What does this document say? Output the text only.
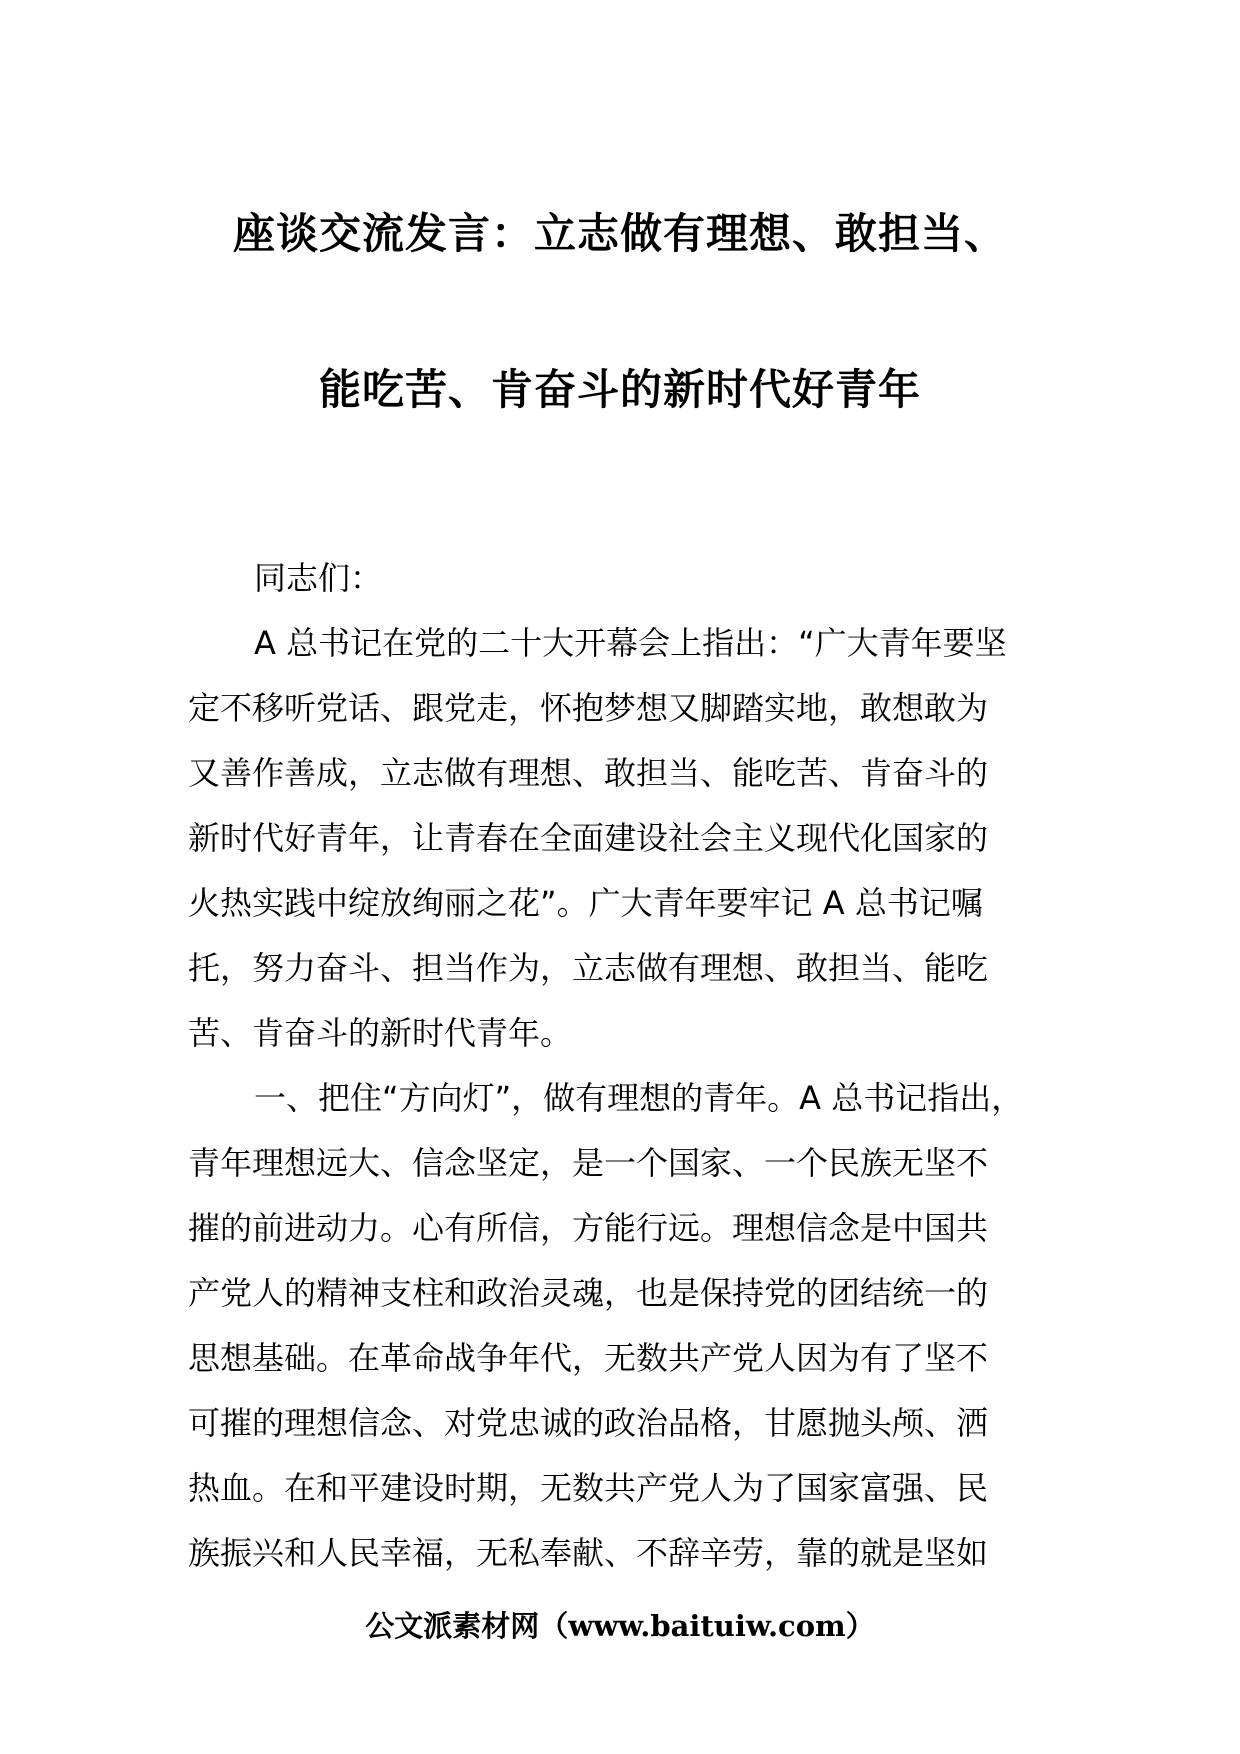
座谈交流发言：立志做有理想、敢担当、
能吃苦、肯奋斗的新时代好青年
同志们：
A 总书记在党的二十大开幕会上指出：“广大青年要坚
定不移听党话、跟党走，怀抱梦想又脚踏实地，敢想敢为
又善作善成，立志做有理想、敢担当、能吃苦、肯奋斗的
新时代好青年，让青春在全面建设社会主义现代化国家的
火热实践中绽放绚丽之花”。广大青年要牢记 A 总书记嘱
托，努力奋斗、担当作为，立志做有理想、敢担当、能吃
苦、肯奋斗的新时代青年。
一、把住“方向灯”，做有理想的青年。A 总书记指出，
青年理想远大、信念坚定，是一个国家、一个民族无坚不
摧的前进动力。心有所信，方能行远。理想信念是中国共
产党人的精神支柱和政治灵魂，也是保持党的团结统一的
思想基础。在革命战争年代，无数共产党人因为有了坚不
可摧的理想信念、对党忠诚的政治品格，甘愿抛头颅、洒
热血。在和平建设时期，无数共产党人为了国家富强、民
族振兴和人民幸福，无私奉献、不辞辛劳，靠的就是坚如
公文派素材网（www.baituiw.com）
